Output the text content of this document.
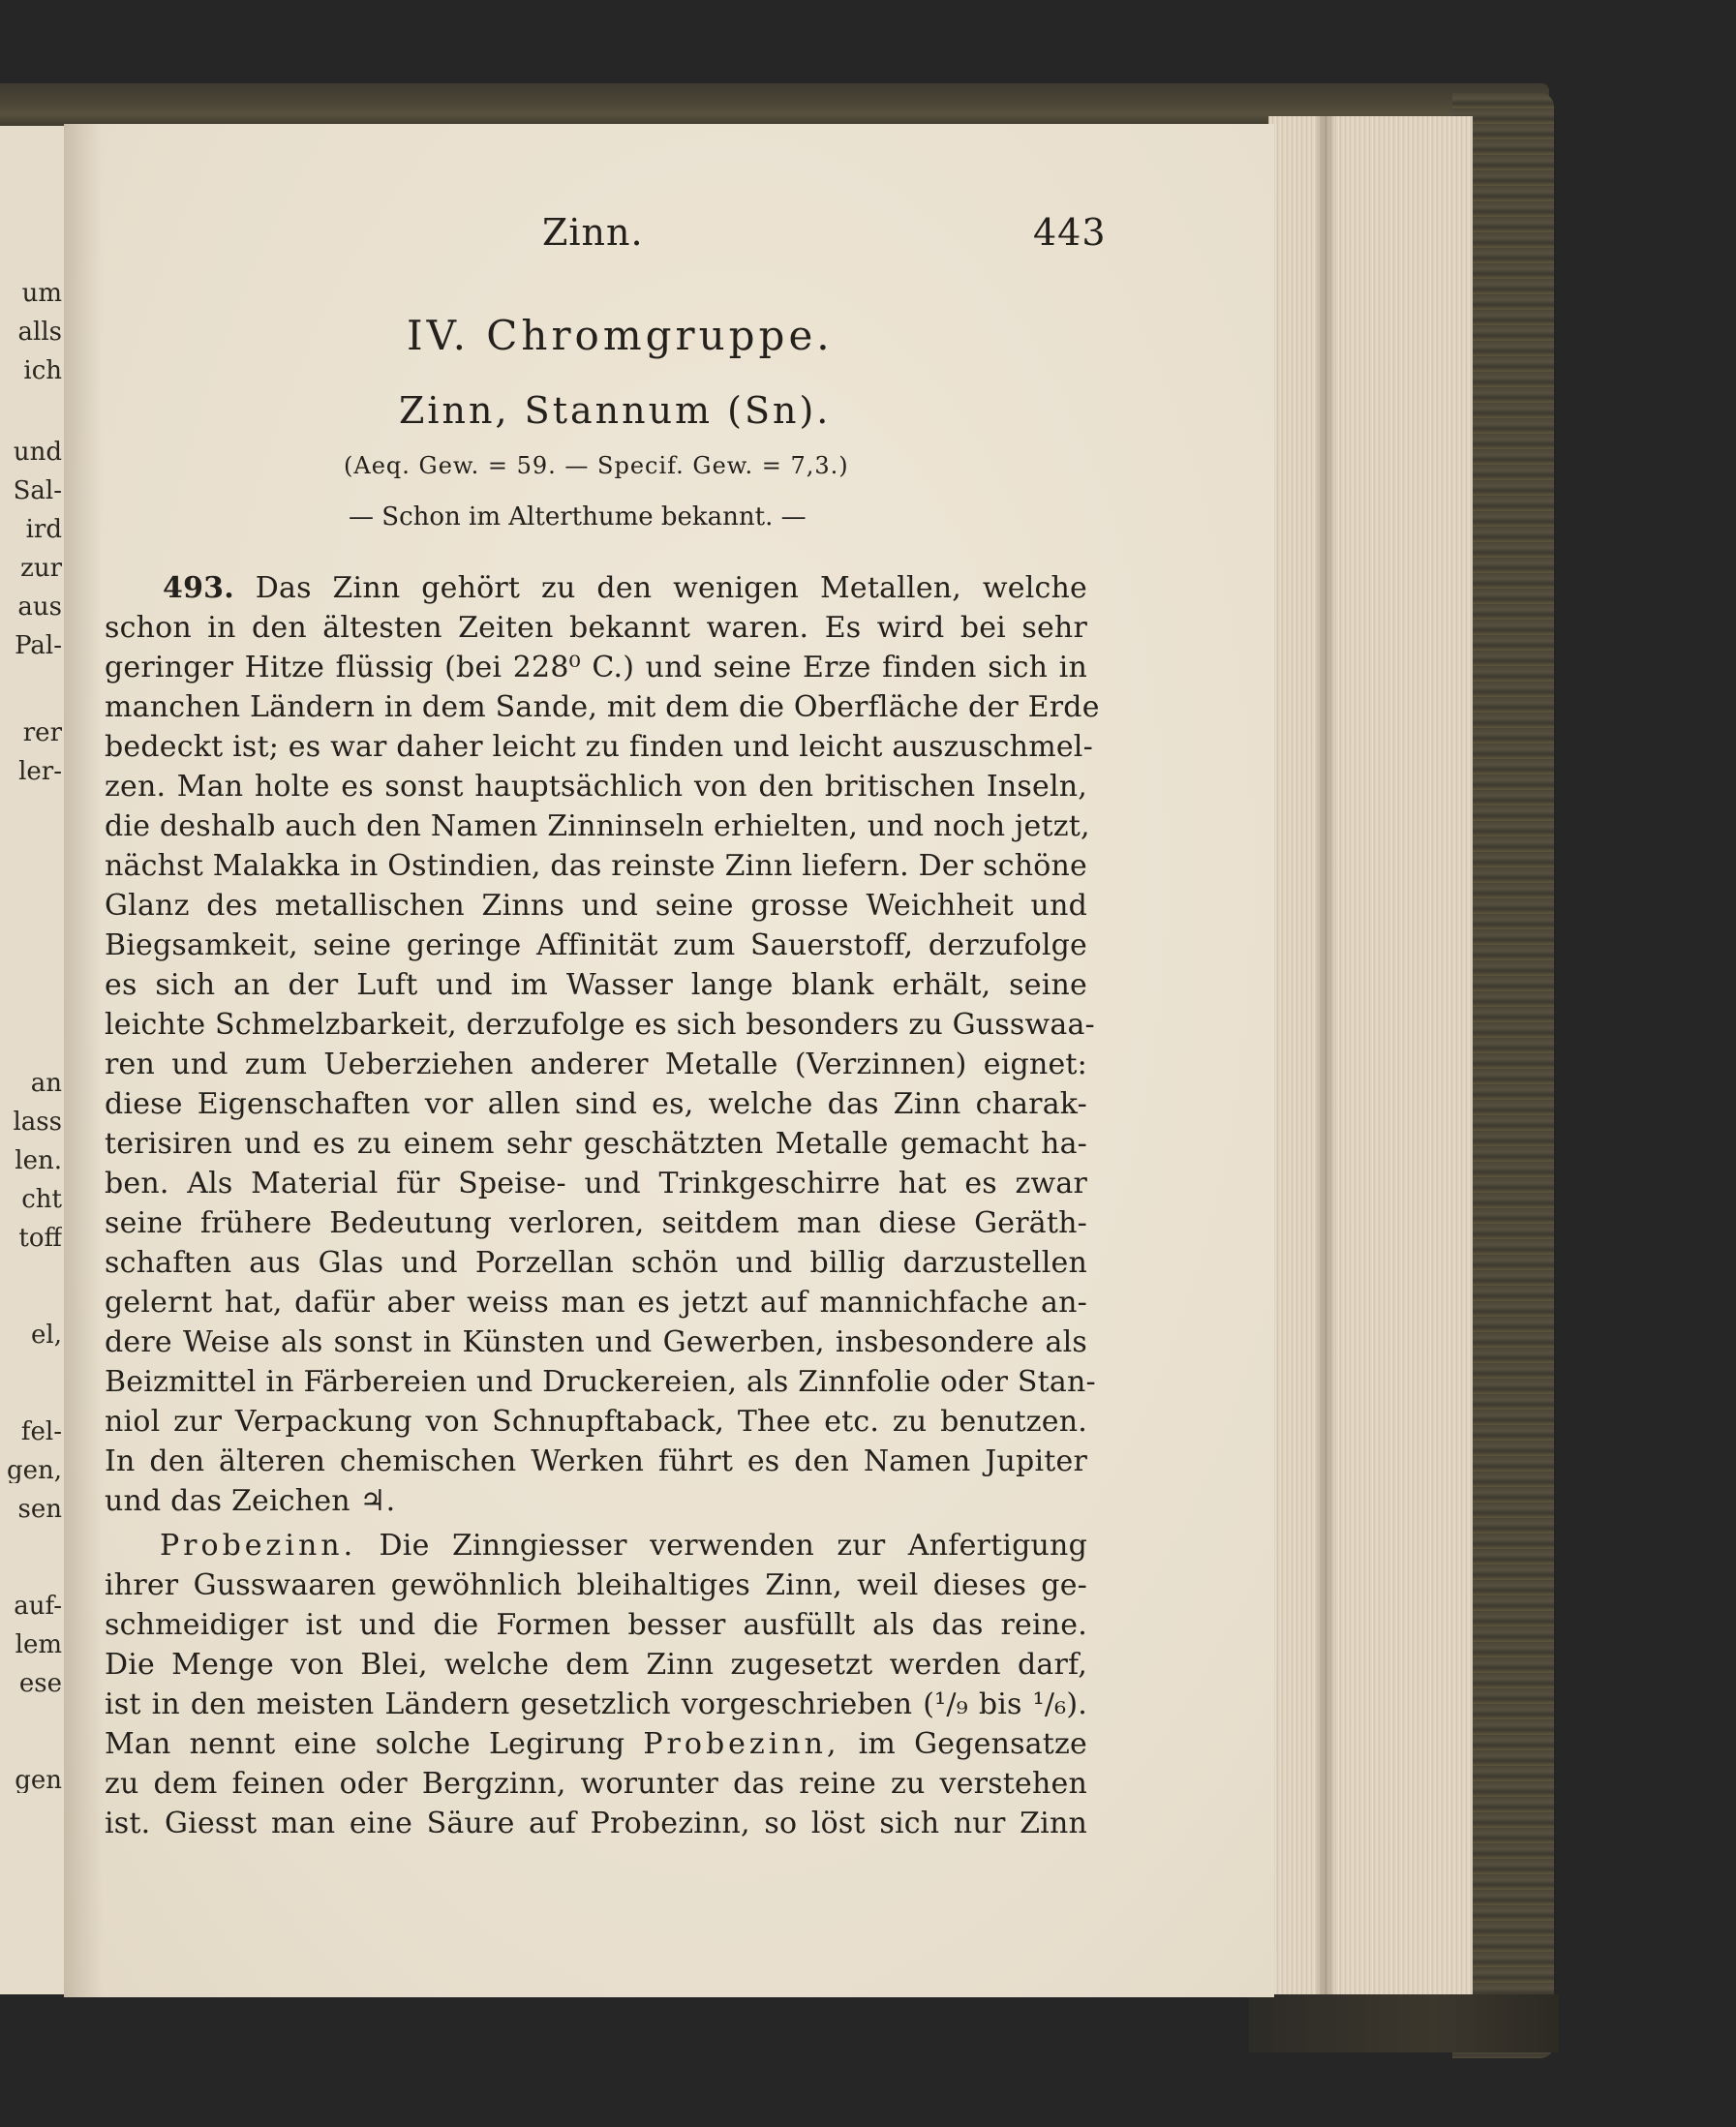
um
alls
ich
und
Sal-
ird
zur
aus
Pal-
rer
ler-
an
lass
len.
cht
toff
el,
fel-
gen,
sen
auf-
lem
ese
gen
Zinn.	443
IV. Chromgruppe.
Zinn, Stannum (Sn).
(Aeq. Gew. = 59. — Specif. Gew. = 7,3.)
— Schon im Alterthume bekannt. —
493. Das Zinn gehört zu den wenigen Metallen, welche
schon in den ältesten Zeiten bekannt waren. Es wird bei sehr
geringer Hitze flüssig (bei 228⁰ C.) und seine Erze finden sich in
manchen Ländern in dem Sande, mit dem die Oberfläche der Erde
bedeckt ist; es war daher leicht zu finden und leicht auszuschmel-
zen. Man holte es sonst hauptsächlich von den britischen Inseln,
die deshalb auch den Namen Zinninseln erhielten, und noch jetzt,
nächst Malakka in Ostindien, das reinste Zinn liefern. Der schöne
Glanz des metallischen Zinns und seine grosse Weichheit und
Biegsamkeit, seine geringe Affinität zum Sauerstoff, derzufolge
es sich an der Luft und im Wasser lange blank erhält, seine
leichte Schmelzbarkeit, derzufolge es sich besonders zu Gusswaa-
ren und zum Ueberziehen anderer Metalle (Verzinnen) eignet:
diese Eigenschaften vor allen sind es, welche das Zinn charak-
terisiren und es zu einem sehr geschätzten Metalle gemacht ha-
ben. Als Material für Speise- und Trinkgeschirre hat es zwar
seine frühere Bedeutung verloren, seitdem man diese Geräth-
schaften aus Glas und Porzellan schön und billig darzustellen
gelernt hat, dafür aber weiss man es jetzt auf mannichfache an-
dere Weise als sonst in Künsten und Gewerben, insbesondere als
Beizmittel in Färbereien und Druckereien, als Zinnfolie oder Stan-
niol zur Verpackung von Schnupftaback, Thee etc. zu benutzen.
In den älteren chemischen Werken führt es den Namen Jupiter
und das Zeichen ♃.
Probezinn. Die Zinngiesser verwenden zur Anfertigung
ihrer Gusswaaren gewöhnlich bleihaltiges Zinn, weil dieses ge-
schmeidiger ist und die Formen besser ausfüllt als das reine.
Die Menge von Blei, welche dem Zinn zugesetzt werden darf,
ist in den meisten Ländern gesetzlich vorgeschrieben (¹/₉ bis ¹/₆).
Man nennt eine solche Legirung Probezinn, im Gegensatze
zu dem feinen oder Bergzinn, worunter das reine zu verstehen
ist. Giesst man eine Säure auf Probezinn, so löst sich nur Zinn
